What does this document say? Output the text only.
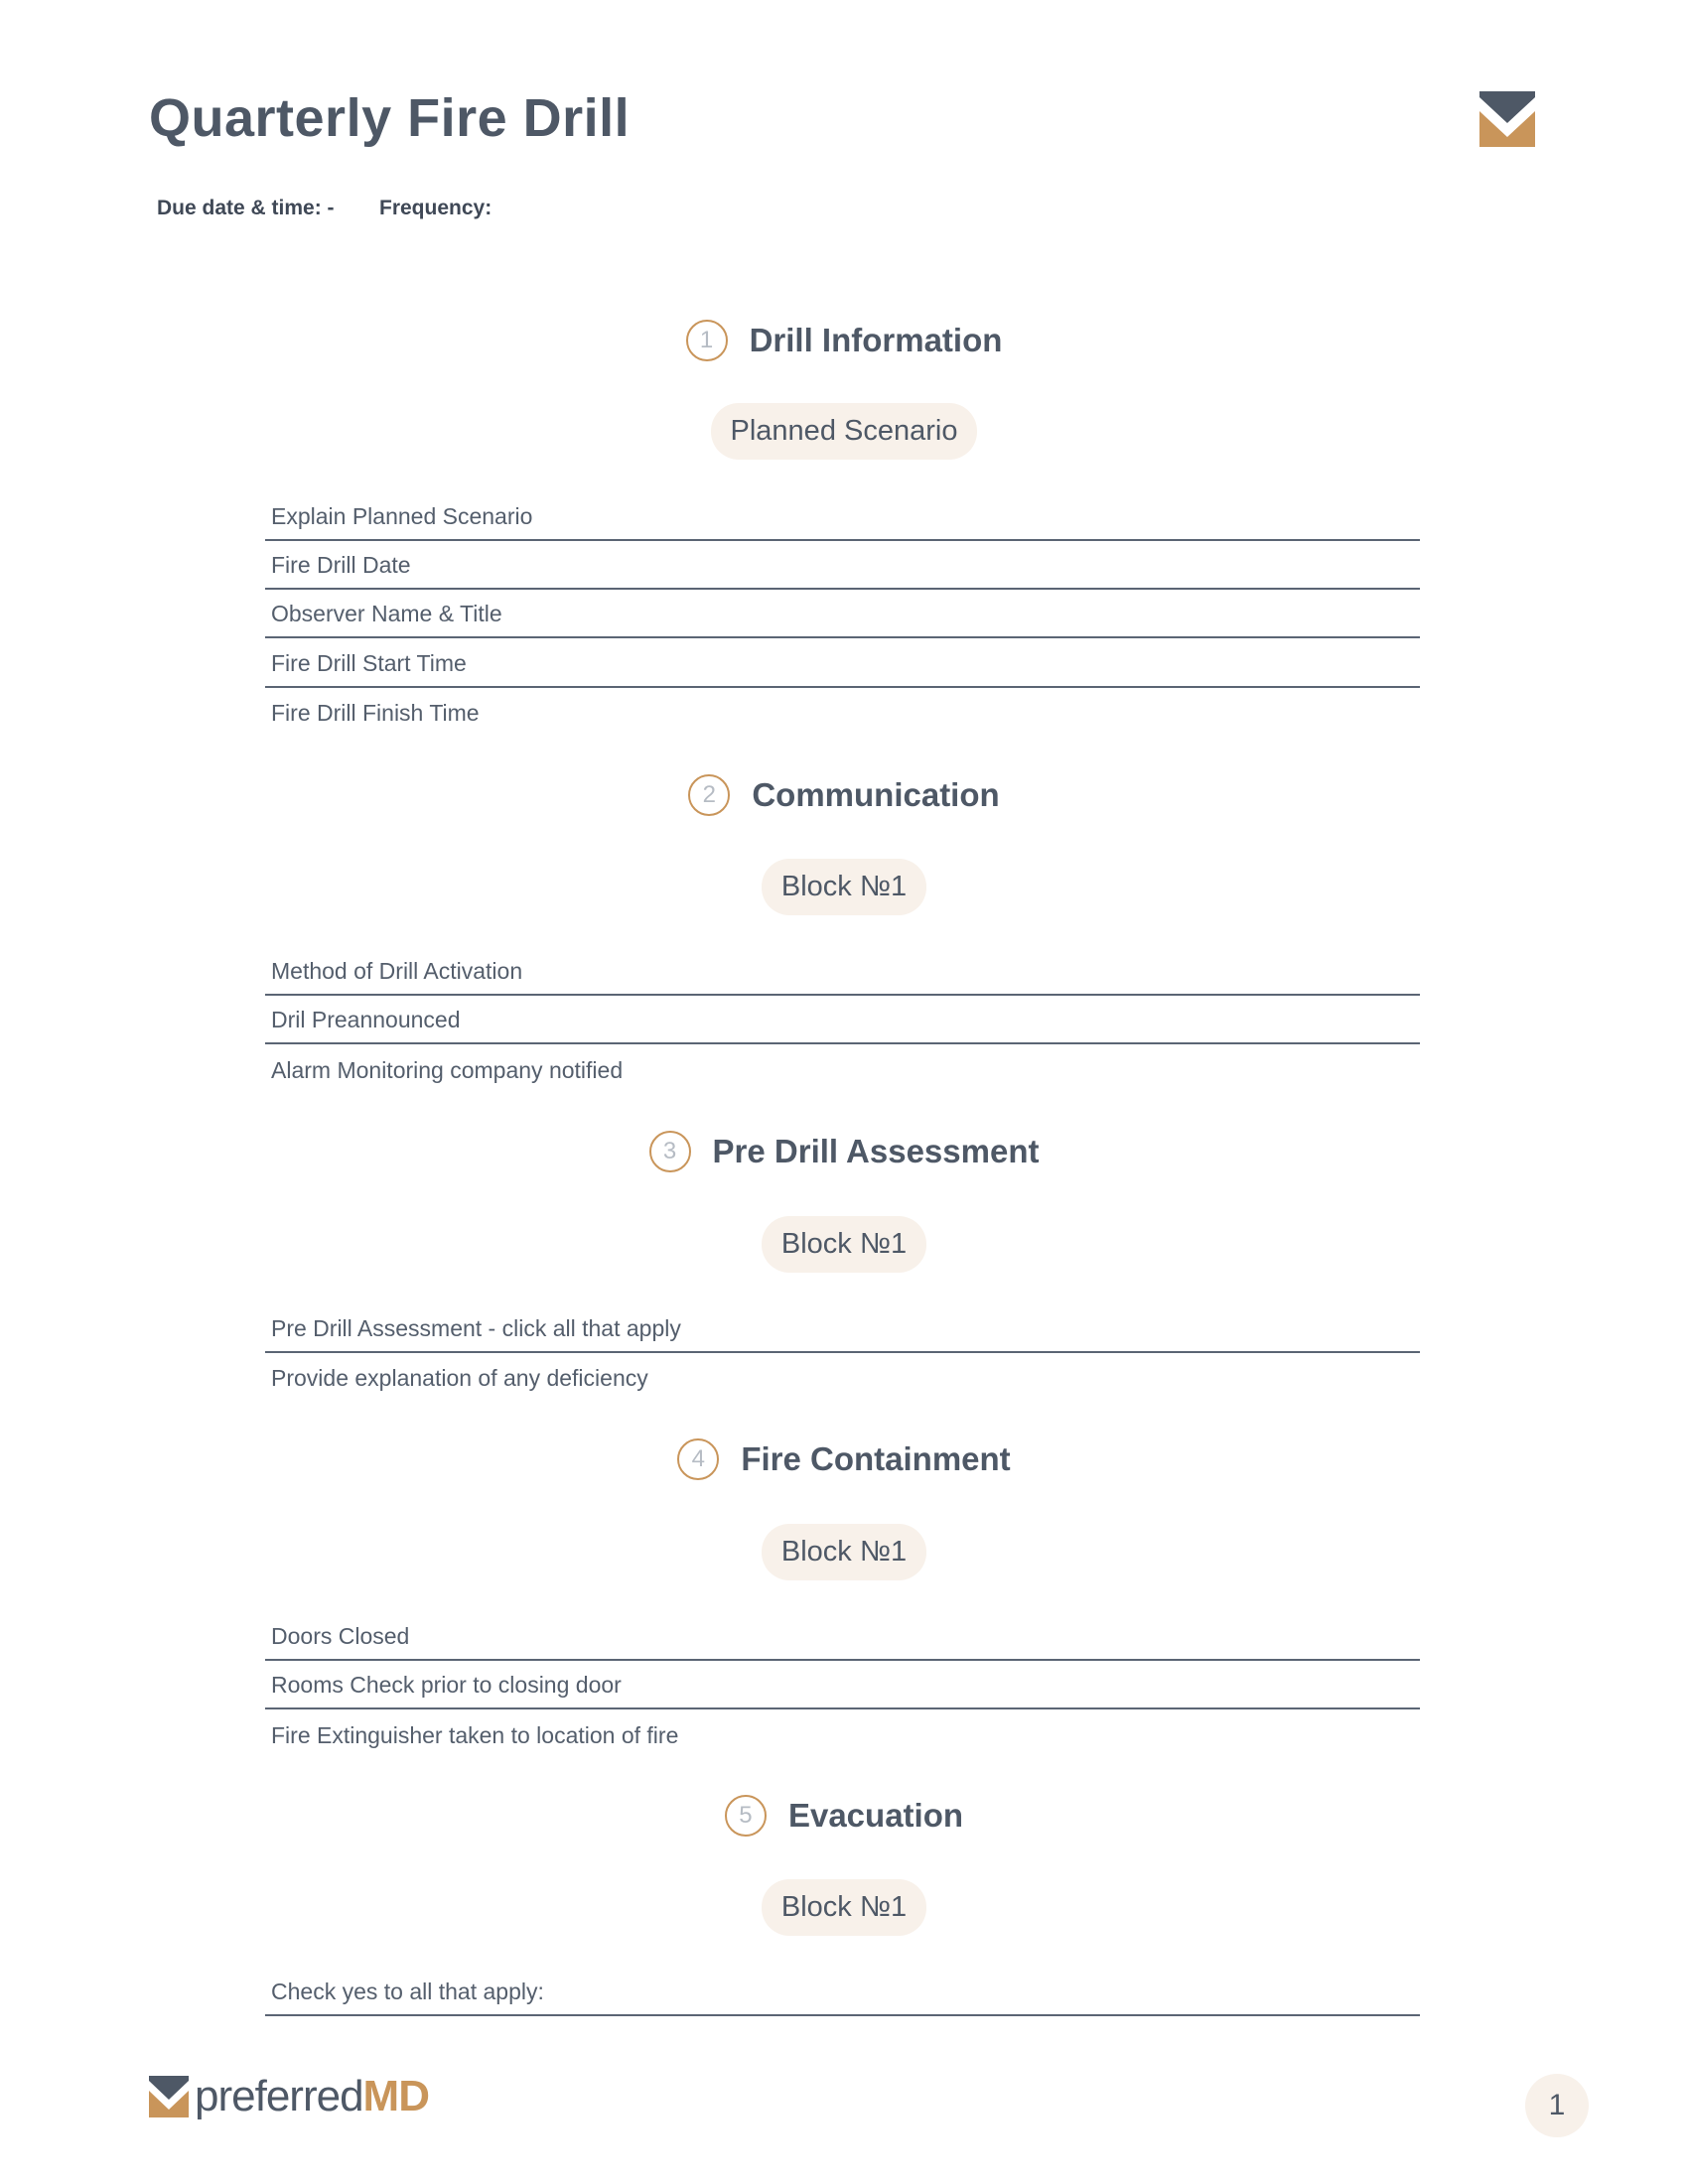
Quarterly Fire Drill
Due date & time: - Frequency:
1	Drill Information
Planned Scenario
Explain Planned Scenario
Fire Drill Date
Observer Name & Title
Fire Drill Start Time
Fire Drill Finish Time
2	Communication
Block №1
Method of Drill Activation
Dril Preannounced
Alarm Monitoring company notified
3	Pre Drill Assessment
Block №1
Pre Drill Assessment - click all that apply
Provide explanation of any deficiency
4	Fire Containment
Block №1
Doors Closed
Rooms Check prior to closing door
Fire Extinguisher taken to location of fire
5	Evacuation
Block №1
Check yes to all that apply:
preferredMD	1
